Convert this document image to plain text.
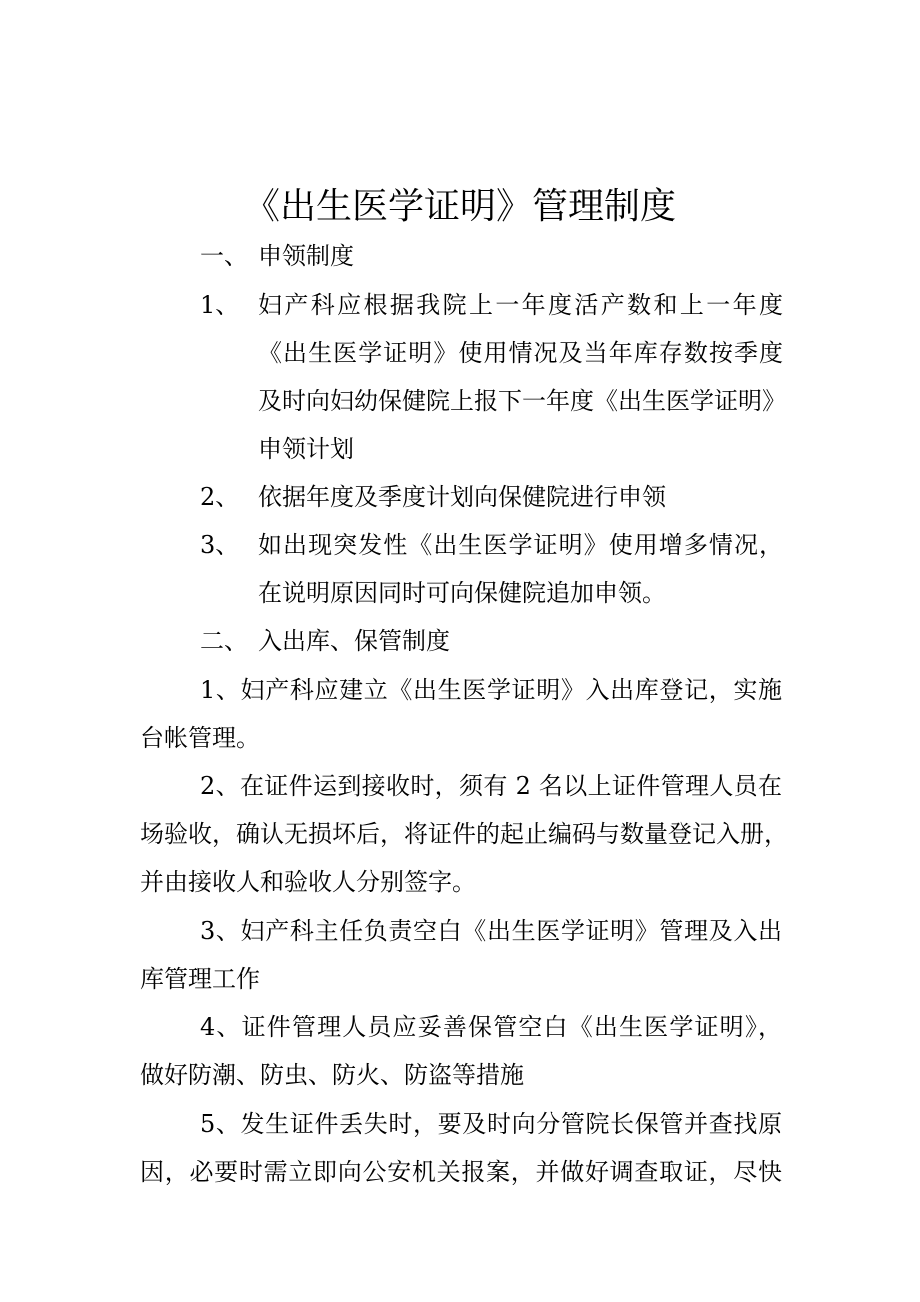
《出生医学证明》管理制度
一、 申领制度
1、 妇产科应根据我院上一年度活产数和上一年度
《出生医学证明》使用情况及当年库存数按季度
及时向妇幼保健院上报下一年度《出生医学证明》
申领计划
2、 依据年度及季度计划向保健院进行申领
3、 如出现突发性《出生医学证明》使用增多情况，
在说明原因同时可向保健院追加申领。
二、 入出库、保管制度
1、妇产科应建立《出生医学证明》入出库登记，实施
台帐管理。
2、在证件运到接收时，须有 2 名以上证件管理人员在
场验收，确认无损坏后，将证件的起止编码与数量登记入册，
并由接收人和验收人分别签字。
3、妇产科主任负责空白《出生医学证明》管理及入出
库管理工作
4、证件管理人员应妥善保管空白《出生医学证明》，
做好防潮、防虫、防火、防盗等措施
5、发生证件丢失时，要及时向分管院长保管并查找原
因，必要时需立即向公安机关报案，并做好调查取证，尽快
